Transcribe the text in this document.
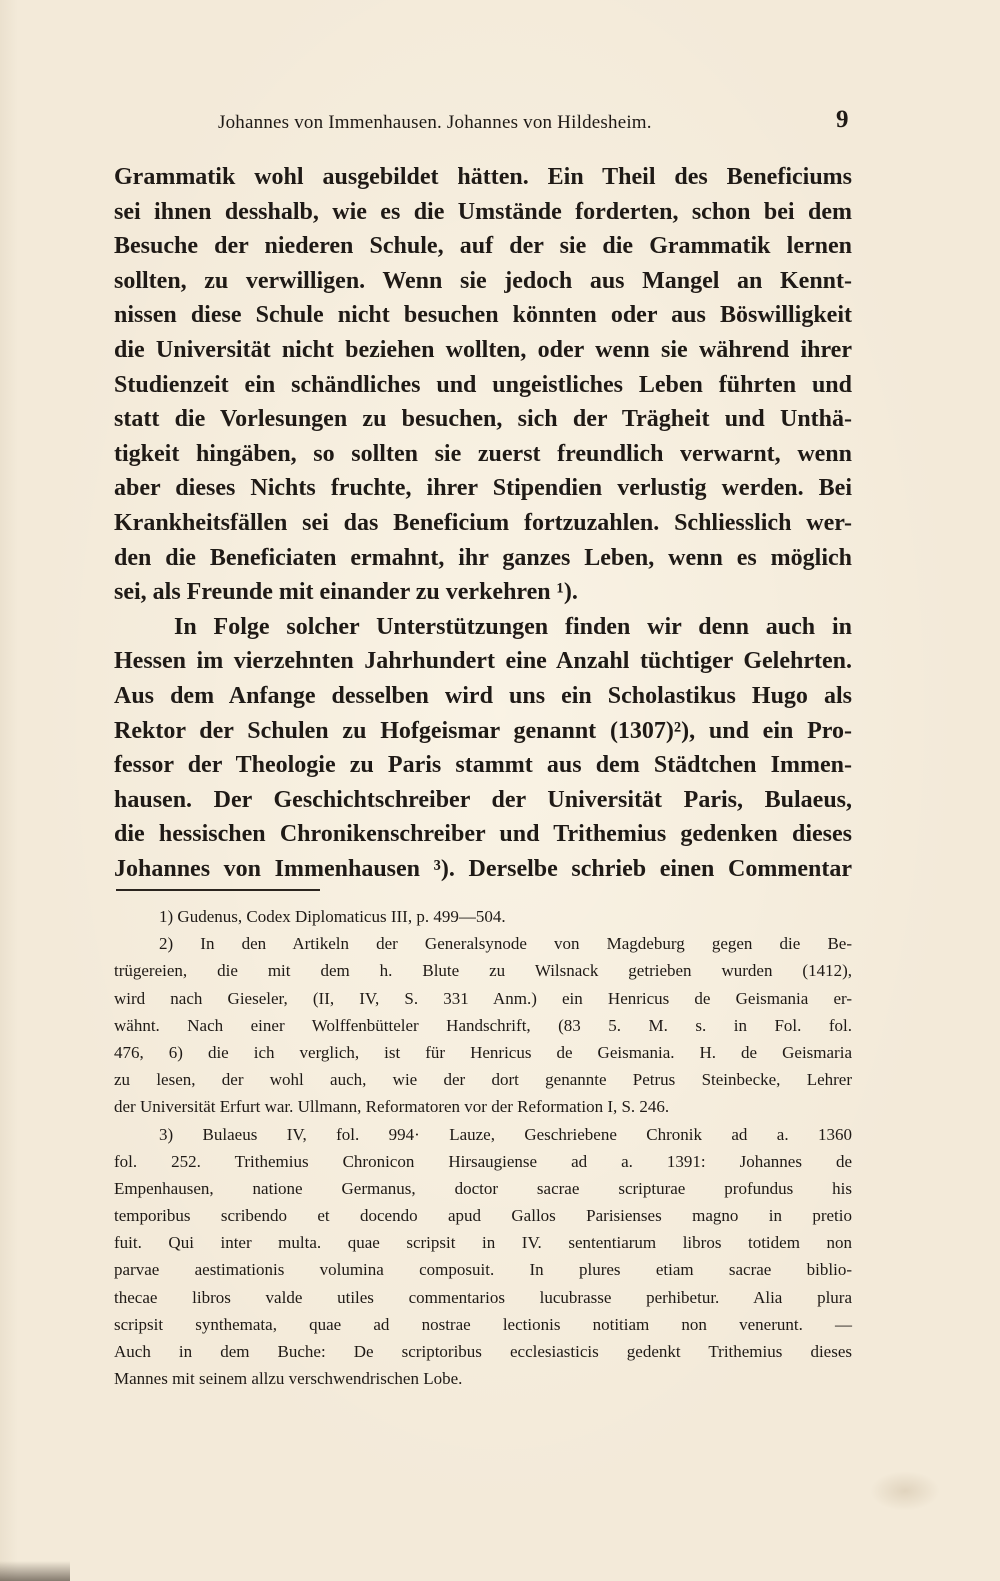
Johannes von Immenhausen. Johannes von Hildesheim.	9
Grammatik wohl ausgebildet hätten. Ein Theil des Beneficiums
sei ihnen desshalb, wie es die Umstände forderten, schon bei dem
Besuche der niederen Schule, auf der sie die Grammatik lernen
sollten, zu verwilligen. Wenn sie jedoch aus Mangel an Kennt-
nissen diese Schule nicht besuchen könnten oder aus Böswilligkeit
die Universität nicht beziehen wollten, oder wenn sie während ihrer
Studienzeit ein schändliches und ungeistliches Leben führten und
statt die Vorlesungen zu besuchen, sich der Trägheit und Unthä-
tigkeit hingäben, so sollten sie zuerst freundlich verwarnt, wenn
aber dieses Nichts fruchte, ihrer Stipendien verlustig werden. Bei
Krankheitsfällen sei das Beneficium fortzuzahlen. Schliesslich wer-
den die Beneficiaten ermahnt, ihr ganzes Leben, wenn es möglich
sei, als Freunde mit einander zu verkehren ¹).
In Folge solcher Unterstützungen finden wir denn auch in
Hessen im vierzehnten Jahrhundert eine Anzahl tüchtiger Gelehrten.
Aus dem Anfange desselben wird uns ein Scholastikus Hugo als
Rektor der Schulen zu Hofgeismar genannt (1307)²), und ein Pro-
fessor der Theologie zu Paris stammt aus dem Städtchen Immen-
hausen. Der Geschichtschreiber der Universität Paris, Bulaeus,
die hessischen Chronikenschreiber und Trithemius gedenken dieses
Johannes von Immenhausen ³). Derselbe schrieb einen Commentar
1) Gudenus, Codex Diplomaticus III, p. 499—504.
2) In den Artikeln der Generalsynode von Magdeburg gegen die Be-
trügereien, die mit dem h. Blute zu Wilsnack getrieben wurden (1412),
wird nach Gieseler, (II, IV, S. 331 Anm.) ein Henricus de Geismania er-
wähnt. Nach einer Wolffenbütteler Handschrift, (83 5. M. s. in Fol. fol.
476, 6) die ich verglich, ist für Henricus de Geismania. H. de Geismaria
zu lesen, der wohl auch, wie der dort genannte Petrus Steinbecke, Lehrer
der Universität Erfurt war. Ullmann, Reformatoren vor der Reformation I, S. 246.
3) Bulaeus IV, fol. 994· Lauze, Geschriebene Chronik ad a. 1360
fol. 252. Trithemius Chronicon Hirsaugiense ad a. 1391: Johannes de
Empenhausen, natione Germanus, doctor sacrae scripturae profundus his
temporibus scribendo et docendo apud Gallos Parisienses magno in pretio
fuit. Qui inter multa. quae scripsit in IV. sententiarum libros totidem non
parvae aestimationis volumina composuit. In plures etiam sacrae biblio-
thecae libros valde utiles commentarios lucubrasse perhibetur. Alia plura
scripsit synthemata, quae ad nostrae lectionis notitiam non venerunt. —
Auch in dem Buche: De scriptoribus ecclesiasticis gedenkt Trithemius dieses
Mannes mit seinem allzu verschwendrischen Lobe.
